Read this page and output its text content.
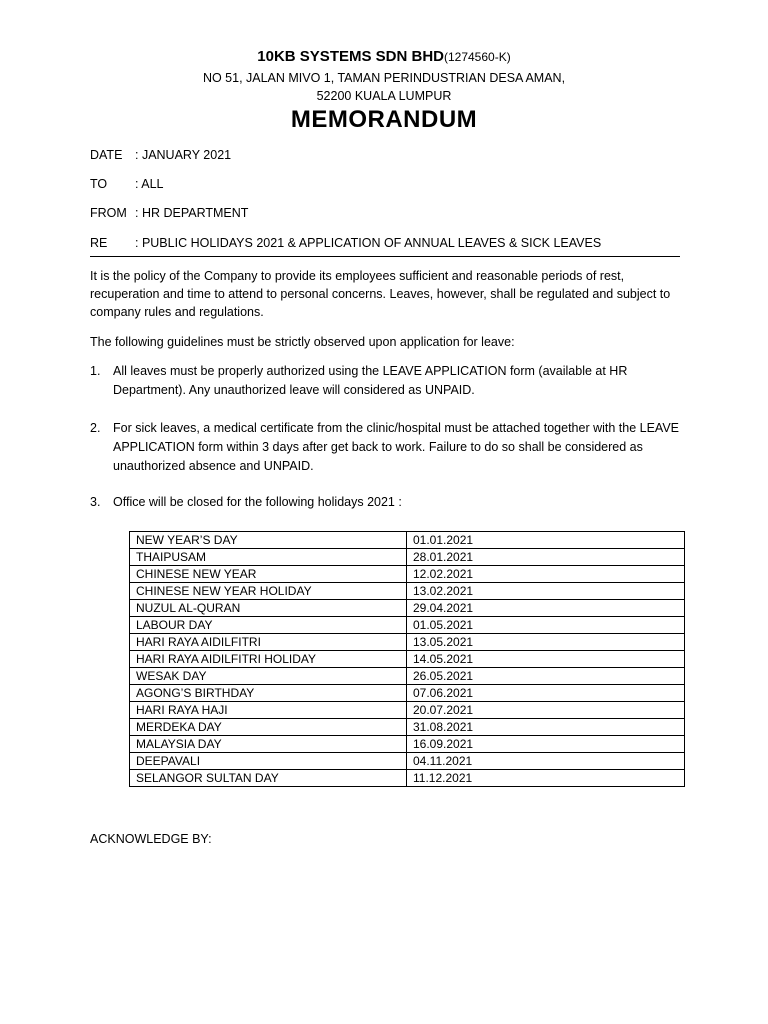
10KB SYSTEMS SDN BHD(1274560-K)
NO 51, JALAN MIVO 1, TAMAN PERINDUSTRIAN DESA AMAN,
52200 KUALA LUMPUR
MEMORANDUM
DATE : JANUARY 2021
TO : ALL
FROM : HR DEPARTMENT
RE : PUBLIC HOLIDAYS 2021 & APPLICATION OF ANNUAL LEAVES & SICK LEAVES
It is the policy of the Company to provide its employees sufficient and reasonable periods of rest, recuperation and time to attend to personal concerns. Leaves, however, shall be regulated and subject to company rules and regulations.
The following guidelines must be strictly observed upon application for leave:
1. All leaves must be properly authorized using the LEAVE APPLICATION form (available at HR Department). Any unauthorized leave will considered as UNPAID.
2. For sick leaves, a medical certificate from the clinic/hospital must be attached together with the LEAVE APPLICATION form within 3 days after get back to work. Failure to do so shall be considered as unauthorized absence and UNPAID.
3. Office will be closed for the following holidays 2021 :
NEW YEAR’S DAY	01.01.2021
THAIPUSAM	28.01.2021
CHINESE NEW YEAR	12.02.2021
CHINESE NEW YEAR HOLIDAY	13.02.2021
NUZUL AL-QURAN	29.04.2021
LABOUR DAY	01.05.2021
HARI RAYA AIDILFITRI	13.05.2021
HARI RAYA AIDILFITRI HOLIDAY	14.05.2021
WESAK DAY	26.05.2021
AGONG’S BIRTHDAY	07.06.2021
HARI RAYA HAJI	20.07.2021
MERDEKA DAY	31.08.2021
MALAYSIA DAY	16.09.2021
DEEPAVALI	04.11.2021
SELANGOR SULTAN DAY	11.12.2021
ACKNOWLEDGE BY:
